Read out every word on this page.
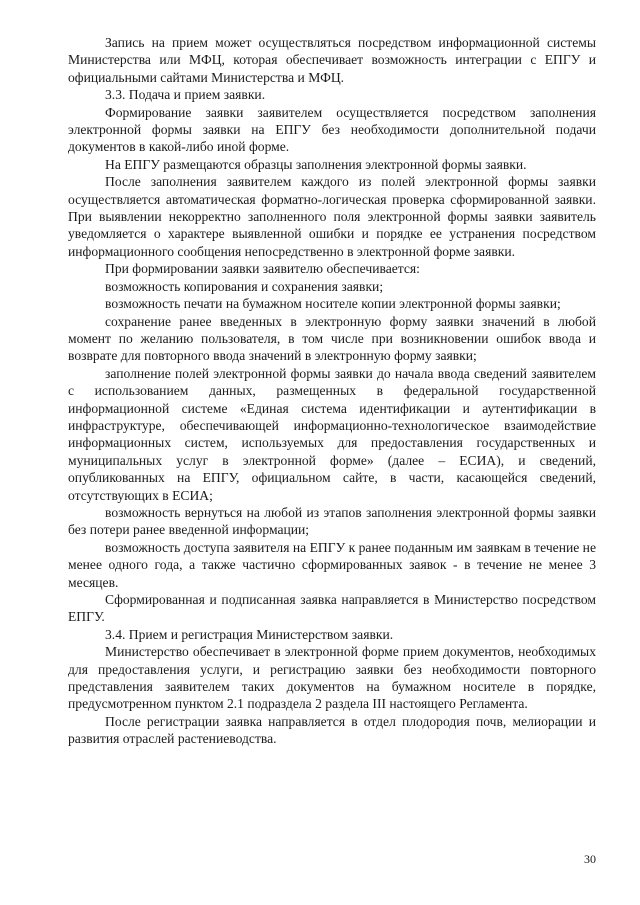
Запись на прием может осуществляться посредством информационной системы Министерства или МФЦ, которая обеспечивает возможность интеграции с ЕПГУ и официальными сайтами Министерства и МФЦ.

3.3. Подача и прием заявки.

Формирование заявки заявителем осуществляется посредством заполнения электронной формы заявки на ЕПГУ без необходимости дополнительной подачи документов в какой-либо иной форме.

На ЕПГУ размещаются образцы заполнения электронной формы заявки.

После заполнения заявителем каждого из полей электронной формы заявки осуществляется автоматическая форматно-логическая проверка сформированной заявки. При выявлении некорректно заполненного поля электронной формы заявки заявитель уведомляется о характере выявленной ошибки и порядке ее устранения посредством информационного сообщения непосредственно в электронной форме заявки.

При формировании заявки заявителю обеспечивается:

возможность копирования и сохранения заявки;

возможность печати на бумажном носителе копии электронной формы заявки;

сохранение ранее введенных в электронную форму заявки значений в любой момент по желанию пользователя, в том числе при возникновении ошибок ввода и возврате для повторного ввода значений в электронную форму заявки;

заполнение полей электронной формы заявки до начала ввода сведений заявителем с использованием данных, размещенных в федеральной государственной информационной системе «Единая система идентификации и аутентификации в инфраструктуре, обеспечивающей информационно-технологическое взаимодействие информационных систем, используемых для предоставления государственных и муниципальных услуг в электронной форме» (далее – ЕСИА), и сведений, опубликованных на ЕПГУ, официальном сайте, в части, касающейся сведений, отсутствующих в ЕСИА;

возможность вернуться на любой из этапов заполнения электронной формы заявки без потери ранее введенной информации;

возможность доступа заявителя на ЕПГУ к ранее поданным им заявкам в течение не менее одного года, а также частично сформированных заявок - в течение не менее 3 месяцев.

Сформированная и подписанная заявка направляется в Министерство посредством ЕПГУ.

3.4. Прием и регистрация Министерством заявки.

Министерство обеспечивает в электронной форме прием документов, необходимых для предоставления услуги, и регистрацию заявки без необходимости повторного представления заявителем таких документов на бумажном носителе в порядке, предусмотренном пунктом 2.1 подраздела 2 раздела III настоящего Регламента.

После регистрации заявка направляется в отдел плодородия почв, мелиорации и развития отраслей растениеводства.

30
